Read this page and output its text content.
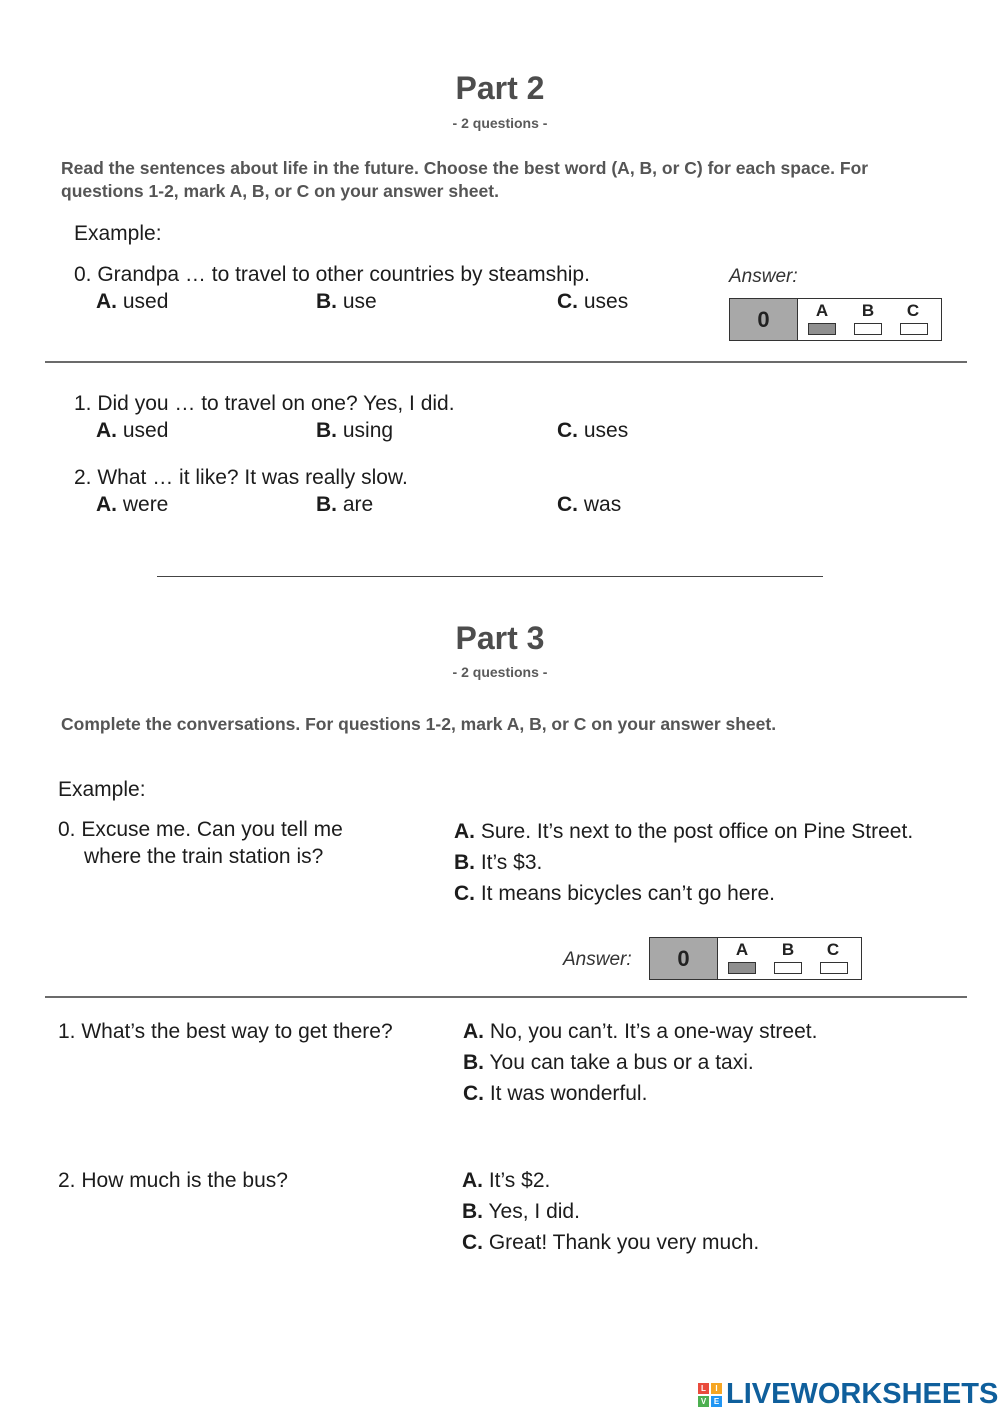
Part 2
- 2 questions -
Read the sentences about life in the future. Choose the best word (A, B, or C) for each space. For questions 1-2, mark A, B, or C on your answer sheet.
Example:
0. Grandpa … to travel to other countries by steamship.
A. used	B. use	C. uses
Answer:
0	A	B	C
1. Did you … to travel on one? Yes, I did.
A. used	B. using	C. uses
2. What … it like? It was really slow.
A. were	B. are	C. was
Part 3
- 2 questions -
Complete the conversations. For questions 1-2, mark A, B, or C on your answer sheet.
Example:
0. Excuse me. Can you tell me
where the train station is?
A. Sure. It’s next to the post office on Pine Street.
B. It’s $3.
C. It means bicycles can’t go here.
Answer:	0	A	B	C
1. What’s the best way to get there?	A. No, you can’t. It’s a one-way street.
B. You can take a bus or a taxi.
C. It was wonderful.
2. How much is the bus?	A. It’s $2.
B. Yes, I did.
C. Great! Thank you very much.
L	I
V E LIVEWORKSHEETS
